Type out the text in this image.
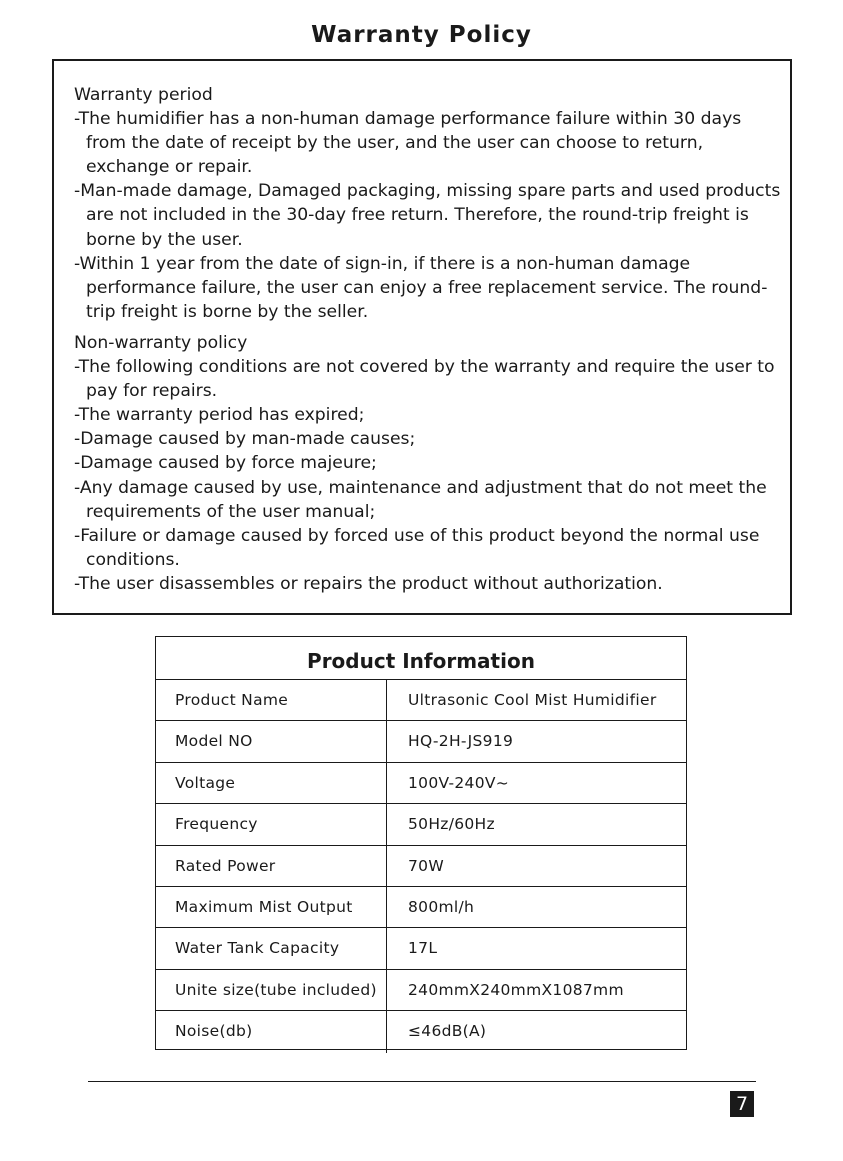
Warranty Policy

Warranty period

-The humidifier has a non-human damage performance failure within 30 days from the date of receipt by the user, and the user can choose to return, exchange or repair.

-Man-made damage, Damaged packaging, missing spare parts and used products are not included in the 30-day free return. Therefore, the round-trip freight is borne by the user.

-Within 1 year from the date of sign-in, if there is a non-human damage performance failure, the user can enjoy a free replacement service. The round-trip freight is borne by the seller.

Non-warranty policy

-The following conditions are not covered by the warranty and require the user to pay for repairs.

-The warranty period has expired;

-Damage caused by man-made causes;

-Damage caused by force majeure;

-Any damage caused by use, maintenance and adjustment that do not meet the requirements of the user manual;

-Failure or damage caused by forced use of this product beyond the normal use conditions.

-The user disassembles or repairs the product without authorization.

Product Information
Product Name	Ultrasonic Cool Mist Humidifier
Model NO	HQ-2H-JS919
Voltage	100V-240V~
Frequency	50Hz/60Hz
Rated Power	70W
Maximum Mist Output	800ml/h
Water Tank Capacity	17L
Unite size(tube included)	240mmX240mmX1087mm
Noise(db)	≤46dB(A)
7
